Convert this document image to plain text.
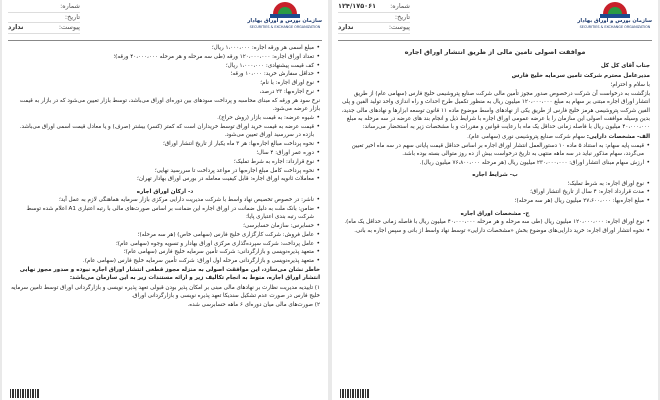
سازمان بورس و اوراق بهادار
SECURITIES & EXCHANGE ORGANIZATION
شماره:
تاریخ:
پیوست:
ندارد
• مبلغ اسمی هر ورقه اجاره: ۱،۰۰۰،۰۰۰ ریال؛
• تعداد اوراق اجاره: ۱۲۰،۰۰۰،۰۰۰ ورقه (طی سه مرحله و هر مرحله ۴۰،۰۰۰،۰۰۰ ورقه)؛
• کف قیمت پیشنهادی: ۱،۰۰۰،۰۰۰ ریال؛
• حداقل سفارش خرید: ۱۰،۰۰۰ ورقه؛
• نوع اوراق اجاره: با نام؛
• نرخ اجاره‌بها: ۲۳ درصد،

نرخ سود هر ورقه که مبنای محاسبه و پرداخت سودهای بین دوره‌ای اوراق می‌باشد، توسط بازار تعیین می‌شود که در بازار به قیمت بازار عرضه می‌شود.

• شیوه عرضه: به قیمت بازار (روش حراج).
• قیمت عرضه به قیمت خرید اوراق توسط خریداران است که کمتر (کسر) بیشتر (صرف) و یا معادل قیمت اسمی اوراق می‌باشد. بازده در سررسید اوراق تعیین می‌شود.
• نحوه پرداخت مبالغ اجاره‌بها: هر ۳ ماه یکبار از تاریخ انتشار اوراق؛
• دوره عمر اوراق: ۴ سال؛
• نوع قرارداد: اجاره به شرط تملیک؛
• نحوه پرداخت کامل مبلغ اجاره‌بها در مواعد پرداخت تا سررسید نهایی؛
• معاملات ثانویه اوراق اجاره: قابل کیفیت معامله در بورس اوراق بهادار تهران؛
د- ارکان اوراق اجاره
• ناشر: در خصوص تخصیص نهاد واسط با شرکت مدیریت دارایی مرکزی بازار سرمایه هماهنگی لازم به عمل آید؛
• ضامن: بانک ملت به دلیل ضمانت در اوراق اجاره این ضمانت بر اساس صورت‌های مالی با رتبه اعتباری A1 اعلام شده توسط شرکت رتبه بندی اعتباری پایا؛
• حسابرس: سازمان حسابرسی؛
• عامل فروش: شرکت کارگزاری خلیج فارس (سهامی خاص) (هر سه مرحله)؛
• عامل پرداخت: شرکت سپرده‌گذاری مرکزی اوراق بهادار و تسویه وجوه (سهامی عام)؛
• متعهد پذیره‌نویسی و بازارگردانی: شرکت تأمین سرمایه خلیج فارس (سهامی عام)؛
• متعهد پذیره‌نویسی و بازارگردانی مرحله اول اوراق: شرکت تأمین سرمایه خلیج فارس (سهامی عام).

خاطر نشان می‌سازد، این موافقت اصولی به منزله مجوز قطعی انتشار اوراق اجاره نبوده و صدور مجوز نهایی انتشار اوراق اجاره، منوط به انجام تکالیف زیر و ارائه مستندات زیر به این سازمان می‌باشد:

۱) تاییدیه مدیریت نظارت بر نهادهای مالی مبنی بر امکان پذیر بودن قبولی تعهد پذیره نویسی و بازارگردانی اوراق توسط تامین سرمایه خلیج فارس در صورت عدم تشکیل سندیکا تعهد پذیره نویسی و بازارگردانی اوراق.

۲) صورت‌های مالی میان دوره‌ای ۶ ماهه حسابرسی شده.

سازمان بورس و اوراق بهادار
SECURITIES & EXCHANGE ORGANIZATION
شماره:
۱۲۴/۱۷۵۰۶۱
تاریخ:
پیوست:
ندارد
موافقت اصولی تامین مالی از طریق انتشار اوراق اجاره

جناب آقای کل کل

مدیرعامل محترم شرکت تامین سرمایه خلیج فارس

با سلام و احترام؛

بازگشت به درخواست آن شرکت درخصوص صدور مجوز تأمین مالی شرکت صنایع پتروشیمی خلیج فارس (سهامی عام) از طریق انتشار اوراق اجاره مبتنی بر سهام به مبلغ ۱۲۰،۰۰۰،۰۰۰ میلیون ریال به منظور تکمیل طرح احداث و راه اندازی واحد تولید الفین و پلی الفین شرکت پتروشیمی هرمز خلیج فارس از طریق یکی از نهادهای واسط موضوع ماده ۱۱ قانون توسعه ابزارها و نهادهای مالی جدید، بدین وسیله موافقت اصولی این سازمان را با عرضه عمومی اوراق اجاره با شرایط ذیل و انجام بند های عرضه در سه مرحله به مبلغ ۴۰،۰۰۰،۰۰۰ میلیون ریال با فاصله زمانی حداقل یک ماه با رعایت قوانین و مقررات و با مشخصات زیر به استحضار می‌رساند:

الف- مشخصات دارایی: سهام شرکت صنایع پتروشیمی نوری (سهامی عام).

• قیمت پایه سهام: به استناد ۵ ماده ۱۰ دستورالعمل انتشار اوراق اجاره بر اساس حداقل قیمت پایانی سهم در سه ماه اخیر تعیین می‌گردد، سهام مذکور نباید در سه ماهه منتهی به تاریخ درخواست بیش از ده روز متوالی بسته بوده باشد.
• ارزش سهام مبنای انتشار اوراق: ۲۳۰،۰۰۰،۰۰۰ میلیون ریال (هر مرحله ۷۶،۸۰۰،۰۰۰ میلیون ریال).
ب- شرایط اجاره
• نوع اوراق اجاره: به شرط تملیک؛
• مدت قرارداد اجاره: ۴ سال از تاریخ انتشار اوراق؛
• مبلغ اجاره‌بها: ۲۷،۶۰۰،۰۰۰ میلیون ریال (هر سه مرحله)؛
ج- مشخصات اوراق اجاره
• نوع اوراق اجاره: ۱۲۰،۰۰۰،۰۰۰ میلیون ریال (طی سه مرحله و هر مرحله ۴۰،۰۰۰،۰۰۰ میلیون ریال با فاصله زمانی حداقل یک ماه).
• نحوه انتشار اوراق اجاره: خرید دارایی‌های موضوع بخش «مشخصات دارایی» توسط نهاد واسط از بانی و سپس اجاره به بانی.
